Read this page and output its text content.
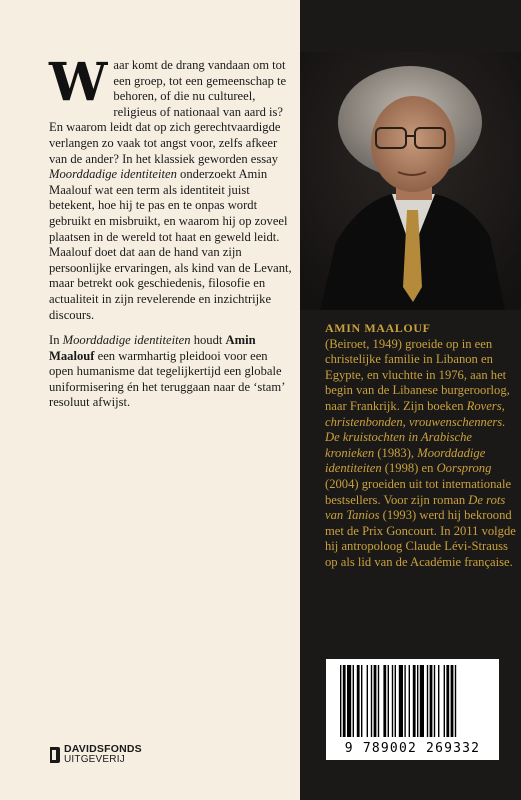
Waar komt de drang vandaan om tot een groep, tot een gemeenschap te behoren, of die nu cultureel, religieus of nationaal van aard is? En waarom leidt dat op zich gerechtvaardigde verlangen zo vaak tot angst voor, zelfs afkeer van de ander? In het klassiek geworden essay Moorddadige identiteiten onderzoekt Amin Maalouf wat een term als identiteit juist betekent, hoe hij te pas en te onpas wordt gebruikt en misbruikt, en waarom hij op zoveel plaatsen in de wereld tot haat en geweld leidt. Maalouf doet dat aan de hand van zijn persoonlijke ervaringen, als kind van de Levant, maar betrekt ook geschiedenis, filosofie en actualiteit in zijn revelerende en inzichtrijke discours.

In Moorddadige identiteiten houdt Amin Maalouf een warmhartig pleidooi voor een open humanisme dat tegelijkertijd een globale uniformisering én het teruggaan naar de ‘stam’ resoluut afwijst.

DAVIDSFONDS
UITGEVERIJ
AMIN MAALOUF
(Beiroet, 1949) groeide op in een christelijke familie in Libanon en Egypte, en vluchtte in 1976, aan het begin van de Libanese burgeroorlog, naar Frankrijk. Zijn boeken Rovers, christenbonden, vrouwenschenners. De kruistochten in Arabische kronieken (1983), Moorddadige identiteiten (1998) en Oorsprong (2004) groeiden uit tot internationale bestsellers. Voor zijn roman De rots van Tanios (1993) werd hij bekroond met de Prix Goncourt. In 2011 volgde hij antropoloog Claude Lévi-Strauss op als lid van de Académie française.
9 789002 269332
